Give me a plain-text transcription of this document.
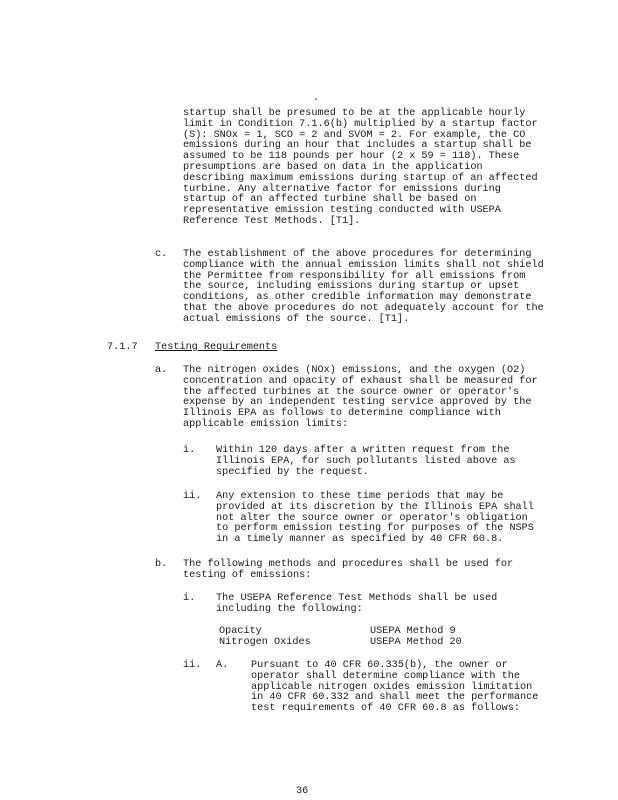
.

startup shall be presumed to be at the applicable hourly

limit in Condition 7.1.6(b) multiplied by a startup factor

(S): SNOx = 1, SCO = 2 and SVOM = 2. For example, the CO

emissions during an hour that includes a startup shall be

assumed to be 118 pounds per hour (2 x 59 = 118). These

presumptions are based on data in the application

describing maximum emissions during startup of an affected

turbine. Any alternative factor for emissions during

startup of an affected turbine shall be based on

representative emission testing conducted with USEPA

Reference Test Methods. [T1].

c. The establishment of the above procedures for determining

compliance with the annual emission limits shall not shield

the Permittee from responsibility for all emissions from

the source, including emissions during startup or upset

conditions, as other credible information may demonstrate

that the above procedures do not adequately account for the

actual emissions of the source. [T1].

7.1.7 Testing Requirements

a. The nitrogen oxides (NOx) emissions, and the oxygen (O2)

concentration and opacity of exhaust shall be measured for

the affected turbines at the source owner or operator's

expense by an independent testing service approved by the

Illinois EPA as follows to determine compliance with

applicable emission limits:

i. Within 120 days after a written request from the

Illinois EPA, for such pollutants listed above as

specified by the request.

ii. Any extension to these time periods that may be

provided at its discretion by the Illinois EPA shall

not alter the source owner or operator's obligation

to perform emission testing for purposes of the NSPS

in a timely manner as specified by 40 CFR 60.8.

b. The following methods and procedures shall be used for

testing of emissions:

i. The USEPA Reference Test Methods shall be used

including the following:

Opacity	USEPA Method 9

Nitrogen Oxides	USEPA Method 20

ii. A. Pursuant to 40 CFR 60.335(b), the owner or

operator shall determine compliance with the

applicable nitrogen oxides emission limitation

in 40 CFR 60.332 and shall meet the performance

test requirements of 40 CFR 60.8 as follows:

36
